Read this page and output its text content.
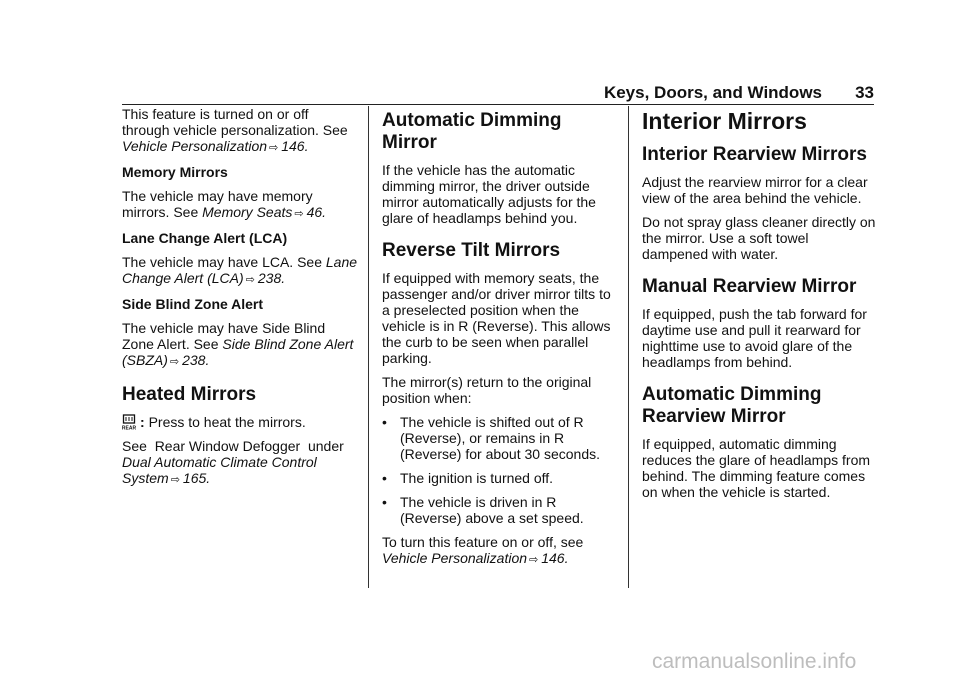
Keys, Doors, and Windows 33

This feature is turned on or off through vehicle personalization. See Vehicle Personalization ⇨ 146.

Memory Mirrors

The vehicle may have memory mirrors. See Memory Seats ⇨ 46.

Lane Change Alert (LCA)

The vehicle may have LCA. See Lane Change Alert (LCA) ⇨ 238.

Side Blind Zone Alert

The vehicle may have Side Blind Zone Alert. See Side Blind Zone Alert (SBZA) ⇨ 238.

Heated Mirrors

REAR : Press to heat the mirrors.

See  Rear Window Defogger  under Dual Automatic Climate Control System ⇨ 165.

Automatic Dimming Mirror

If the vehicle has the automatic dimming mirror, the driver outside mirror automatically adjusts for the glare of headlamps behind you.

Reverse Tilt Mirrors

If equipped with memory seats, the passenger and/or driver mirror tilts to a preselected position when the vehicle is in R (Reverse). This allows the curb to be seen when parallel parking.

The mirror(s) return to the original position when:

• The vehicle is shifted out of R (Reverse), or remains in R (Reverse) for about 30 seconds.
• The ignition is turned off.
• The vehicle is driven in R (Reverse) above a set speed.

To turn this feature on or off, see Vehicle Personalization ⇨ 146.

Interior Mirrors
Interior Rearview Mirrors

Adjust the rearview mirror for a clear view of the area behind the vehicle.

Do not spray glass cleaner directly on the mirror. Use a soft towel dampened with water.

Manual Rearview Mirror

If equipped, push the tab forward for daytime use and pull it rearward for nighttime use to avoid glare of the headlamps from behind.

Automatic Dimming Rearview Mirror

If equipped, automatic dimming reduces the glare of headlamps from behind. The dimming feature comes on when the vehicle is started.

carmanualsonline.info
